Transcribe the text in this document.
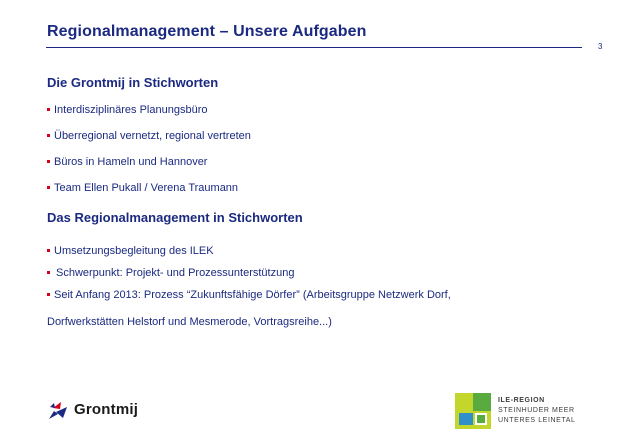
Regionalmanagement – Unsere Aufgaben
3
Die Grontmij in Stichworten
Interdisziplinäres Planungsbüro
Überregional vernetzt, regional vertreten
Büros in Hameln und Hannover
Team Ellen Pukall / Verena Traumann
Das Regionalmanagement in Stichworten
Umsetzungsbegleitung des ILEK
Schwerpunkt: Projekt- und Prozessunterstützung
Seit Anfang 2013: Prozess “Zukunftsfähige Dörfer” (Arbeitsgruppe Netzwerk Dorf,
Dorfwerkstätten Helstorf und Mesmerode, Vortragsreihe...)
Grontmij
ILE-REGION
STEINHUDER MEER
UNTERES LEINETAL
